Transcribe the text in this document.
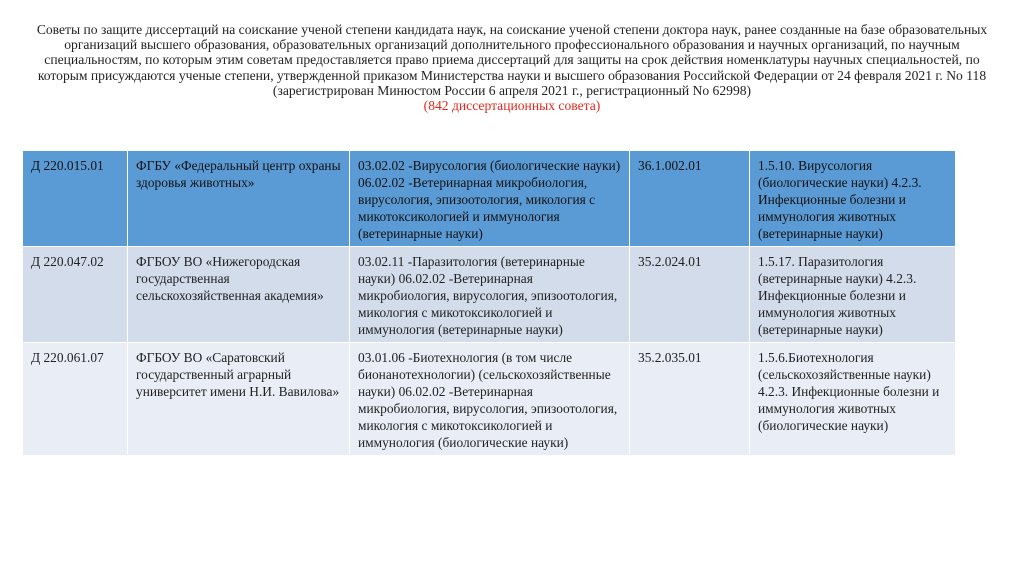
Советы по защите диссертаций на соискание ученой степени кандидата наук, на соискание ученой степени доктора наук, ранее созданные на базе образовательных организаций высшего образования, образовательных организаций дополнительного профессионального образования и научных организаций, по научным специальностям, по которым этим советам предоставляется право приема диссертаций для защиты на срок действия номенклатуры научных специальностей, по которым присуждаются ученые степени, утвержденной приказом Министерства науки и высшего образования Российской Федерации от 24 февраля 2021 г. No 118 (зарегистрирован Минюстом России 6 апреля 2021 г., регистрационный No 62998)
(842 диссертационных совета)
Д 220.015.01	ФГБУ «Федеральный центр охраны здоровья животных»	03.02.02 -Вирусология (биологические науки) 06.02.02 -Ветеринарная микробиология, вирусология, эпизоотология, микология с микотоксикологией и иммунология (ветеринарные науки)	36.1.002.01	1.5.10. Вирусология (биологические науки) 4.2.3. Инфекционные болезни и иммунология животных (ветеринарные науки)
Д 220.047.02	ФГБОУ ВО «Нижегородская государственная сельскохозяйственная академия»	03.02.11 -Паразитология (ветеринарные науки) 06.02.02 -Ветеринарная микробиология, вирусология, эпизоотология, микология с микотоксикологией и иммунология (ветеринарные науки)	35.2.024.01	1.5.17. Паразитология (ветеринарные науки) 4.2.3. Инфекционные болезни и иммунология животных (ветеринарные науки)
Д 220.061.07	ФГБОУ ВО «Саратовский государственный аграрный университет имени Н.И. Вавилова»	03.01.06 -Биотехнология (в том числе бионанотехнологии) (сельскохозяйственные науки) 06.02.02 -Ветеринарная микробиология, вирусология, эпизоотология, микология с микотоксикологией и иммунология (биологические науки)	35.2.035.01	1.5.6.Биотехнология (сельскохозяйственные науки) 4.2.3. Инфекционные болезни и иммунология животных (биологические науки)
